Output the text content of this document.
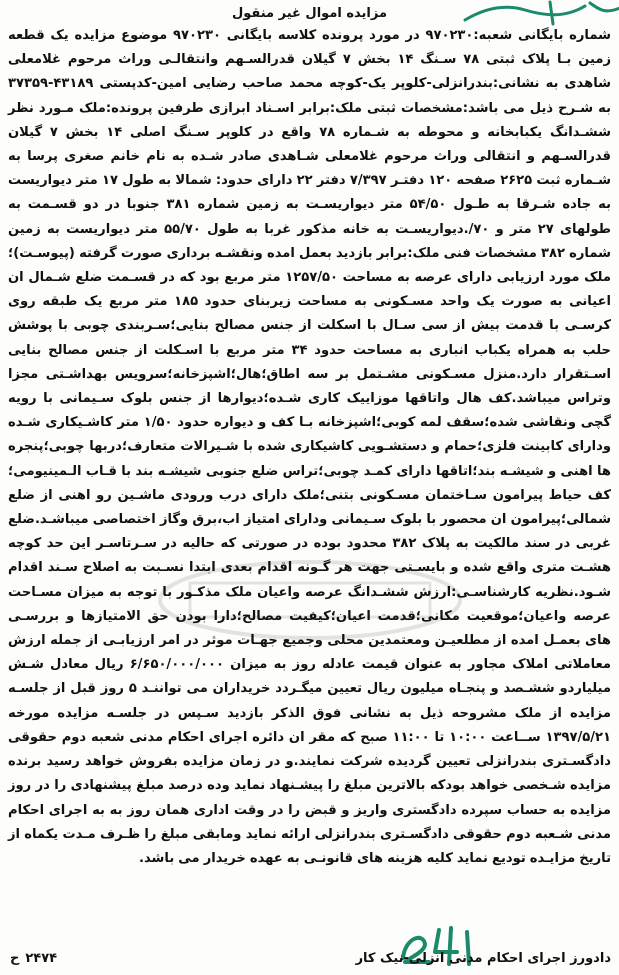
مزایده اموال غیر منقول
شماره بایگانی شعبه:۹۷۰۲۳۰ در مورد پرونده کلاسه بایگانی ۹۷۰۲۳۰ موضوع مزایده یک قطعه زمین بـا پلاک ثبتی ۷۸ سـنگ ۱۴ بخش ۷ گیلان قدرالسـهم وانتقالـی وراث مرحوم غلامعلی شاهدی به نشانی:بندرانزلی-کلوپر یک-کوچه محمد صاحب رضایی امین-کدپستی ۴۳۱۸۹-۳۷۳۵۹ به شـرح ذیل می باشد:مشخصات ثبتی ملک:برابر اسـناد ابرازی طرفین پرونده:ملک مـورد نظر ششـدانگ یکبابخانه و محوطه به شـماره ۷۸ واقع در کلوپر سـنگ اصلی ۱۴ بخش ۷ گیلان قدرالسـهم و انتقالی وراث مرحوم غلامعلی شـاهدی صادر شـده به نام خانم صغری پرسا به شـماره ثبت ۲۶۲۵ صفحه ۱۲۰ دفتـر ۷/۳۹۷ دفتر ۲۲ دارای حدود: شمالا به طول ۱۷ متر دیواریست به جاده شـرقا به طـول ۵۴/۵۰ متر دیواریسـت به زمین شماره ۳۸۱ جنوبا در دو قسـمت به طولهای ۲۷ متر و ۷۰/.دیواریسـت به خانه مذکور غربا به طول ۵۵/۷۰ متر دیواریست به زمین شماره ۳۸۲ مشخصات فنی ملک:برابر بازدید بعمل امده ونقشـه برداری صورت گرفته (پیوسـت)؛ملک مورد ارزیابی دارای عرصه به مساحت ۱۲۵۷/۵۰ متر مربع بود که در قسـمت ضلع شـمال ان اعیانی به صورت یک واحد مسـکونی به مساحت زیربنای حدود ۱۸۵ متر مربع یک طبقه روی کرسـی با قدمت بیش از سی سـال با اسکلت از جنس مصالح بنایی؛سـربندی چوبی با پوشش حلب به همراه یکباب انباری به مساحت حدود ۳۴ متر مربع با اسـکلت از جنس مصالح بنایی اسـتقرار دارد.منزل مسـکونی مشـتمل بر سه اطاق؛هال؛اشپزخانه؛سرویس بهداشـتی مجزا وتراس میباشد.کف هال واتاقها موزاییک کاری شـده؛دیوارها از جنس بلوک سـیمانی با رویه گچی ونقاشی شده؛سقف لمه کوبی؛اشپزخانه بـا کف و دیواره حدود ۱/۵۰ متر کاشـیکاری شـده ودارای کابینت فلزی؛حمام و دستشـویی کاشیکاری شده با شـیرالات متعارف؛دربها چوبی؛پنجره ها اهنی و شیشـه بند؛اتاقها دارای کمـد چوبی؛تراس ضلع جنوبی شیشـه بند با قـاب الـمینیومی؛کف حیاط پیرامون سـاختمان مسـکونی بتنی؛ملک دارای درب ورودی ماشـین رو اهنی از ضلع شمالی؛پیرامون ان محصور با بلوک سـیمانی ودارای امتیاز اب،برق وگاز اختصاصی میباشـد.ضلع غربی در سند مالکیت به پلاک ۳۸۲ محدود بوده در صورتی که حالیه در سـرتاسـر این حد کوچه هشـت متری واقع شده و بایسـتی جهت هر گـونه اقدام بعدی ابتدا نسـبت به اصلاح سـند اقدام شـود.نظریه کارشناسـی:ارزش ششـدانگ عرصه واعیان ملک مذکـور با توجه به میزان مسـاحت عرصه واعیان؛موقعیت مکانی؛قدمت اعیان؛کیفیت مصالح؛دارا بودن حق الامتیازها و بررسـی های بعمـل امده از مطلعیـن ومعتمدین محلی وجمیع جهـات موثر در امر ارزیابـی از جمله ارزش معاملاتی املاک مجاور به عنوان قیمت عادله روز به میزان ۶/۶۵۰/۰۰۰/۰۰۰ ریال معادل شـش میلیاردو ششـصد و پنجـاه میلیون ریال تعیین میگـردد خریداران می تواننـد ۵ روز قبل از جلسـه مزایده از ملک مشروحه ذیل به نشانی فوق الذکر بازدید سـپس در جلسـه مزایده مورخه ۱۳۹۷/۵/۲۱ ســاعت ۱۰:۰۰ تا ۱۱:۰۰ صبح که مقر ان دائره اجرای احکام مدنی شعبه دوم حقوقی دادگسـتری بندرانزلی تعیین گردیده شرکت نمایند.و در زمان مزایده بفروش خواهد رسید برنده مزایده شـخصی خواهد بودکه بالاترین مبلغ را پیشـنهاد نماید وده درصد مبلغ پیشنهادی را در روز مزایده به حساب سپرده دادگستری واریز و قبض را در وقت اداری همان روز به به اجرای احکام مدنی شـعبه دوم حقوقی دادگسـتری بندرانزلی ارائه نماید ومابقی مبلغ را ظـرف مـدت یکماه از تاریخ مزایـده تودیع نماید کلیه هزینه های قانونـی به عهده خریدار می باشد.
دادورز اجرای احکام مدنی انزلی-نیک کار
ح ۲۴۷۴
